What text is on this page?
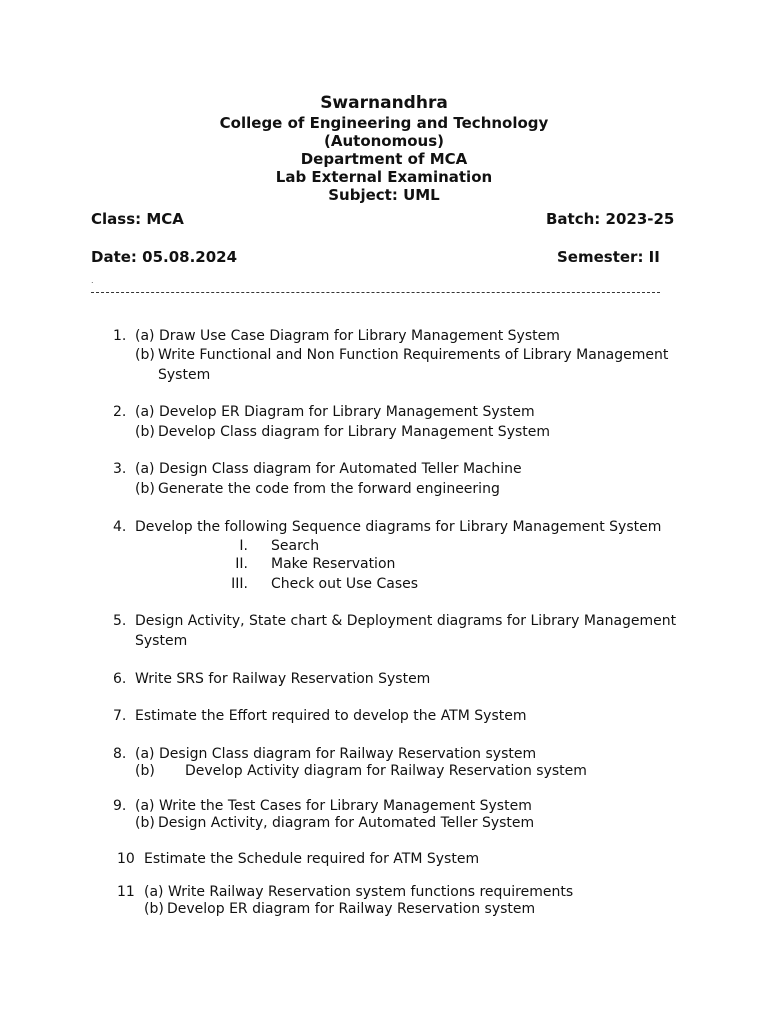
Swarnandhra
College of Engineering and Technology
(Autonomous)
Department of MCA
Lab External Examination
Subject: UML
Class: MCA	Batch: 2023-25
Date: 05.08.2024	Semester: II
.
1. (a) Draw Use Case Diagram for Library Management System
(b) Write Functional and Non Function Requirements of Library Management
System
2. (a) Develop ER Diagram for Library Management System
(b) Develop Class diagram for Library Management System
3. (a) Design Class diagram for Automated Teller Machine
(b) Generate the code from the forward engineering
4. Develop the following Sequence diagrams for Library Management System
I. Search
II. Make Reservation
III. Check out Use Cases
5. Design Activity, State chart & Deployment diagrams for Library Management
System
6. Write SRS for Railway Reservation System
7. Estimate the Effort required to develop the ATM System
8. (a) Design Class diagram for Railway Reservation system
(b) Develop Activity diagram for Railway Reservation system
9. (a) Write the Test Cases for Library Management System
(b) Design Activity, diagram for Automated Teller System
10 Estimate the Schedule required for ATM System
11 (a) Write Railway Reservation system functions requirements
(b) Develop ER diagram for Railway Reservation system
